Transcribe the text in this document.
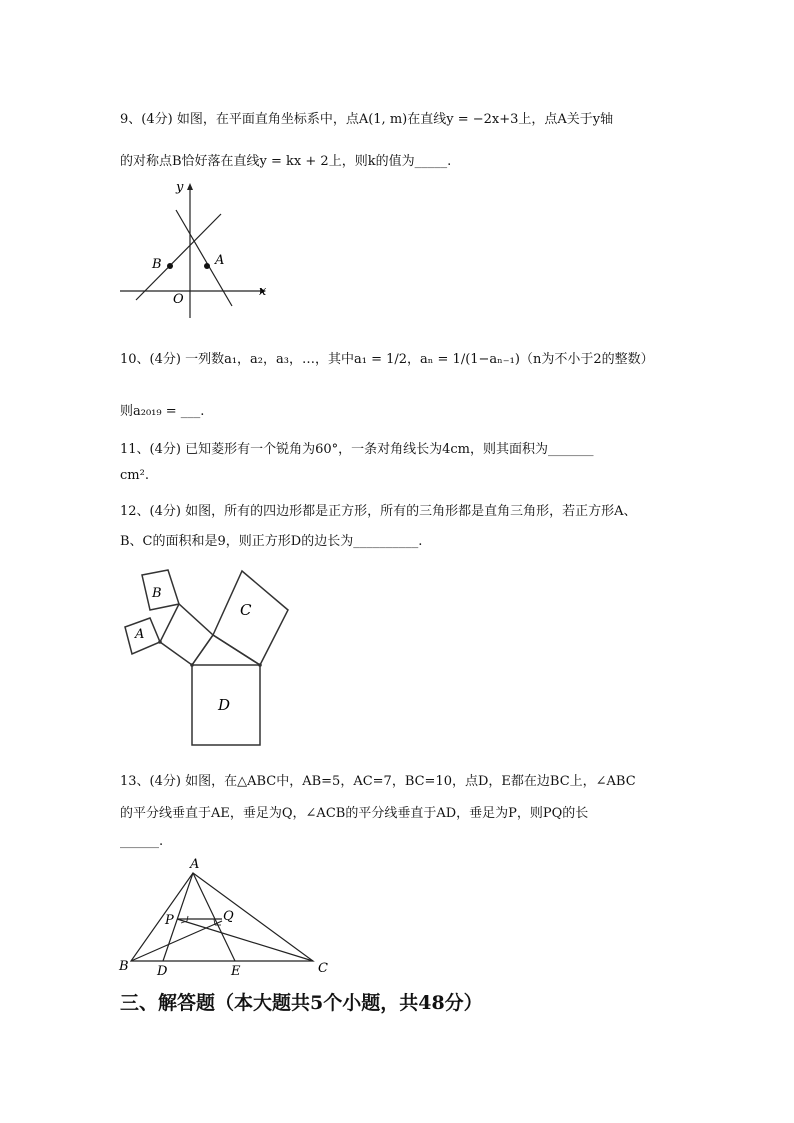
9、(4分) 如图，在平面直角坐标系中，点A(1, m)在直线y = −2x+3上，点A关于y轴
的对称点B恰好落在直线y = kx + 2上，则k的值为_____.
y
x
O
A
B
10、(4分) 一列数a₁，a₂，a₃，…，其中a₁ = 1/2，aₙ = 1/(1−aₙ₋₁)（n为不小于2的整数）
则a₂₀₁₉ = ___.
11、(4分) 已知菱形有一个锐角为60°，一条对角线长为4cm，则其面积为_______
cm².
12、(4分) 如图，所有的四边形都是正方形，所有的三角形都是直角三角形，若正方形A、
B、C的面积和是9，则正方形D的边长为__________.
A
B
C
D
13、(4分) 如图，在△ABC中，AB=5，AC=7，BC=10，点D，E都在边BC上，∠ABC
的平分线垂直于AE，垂足为Q，∠ACB的平分线垂直于AD，垂足为P，则PQ的长
______.
A
B	C
D	E
P	Q
三、解答题（本大题共5个小题，共48分）
